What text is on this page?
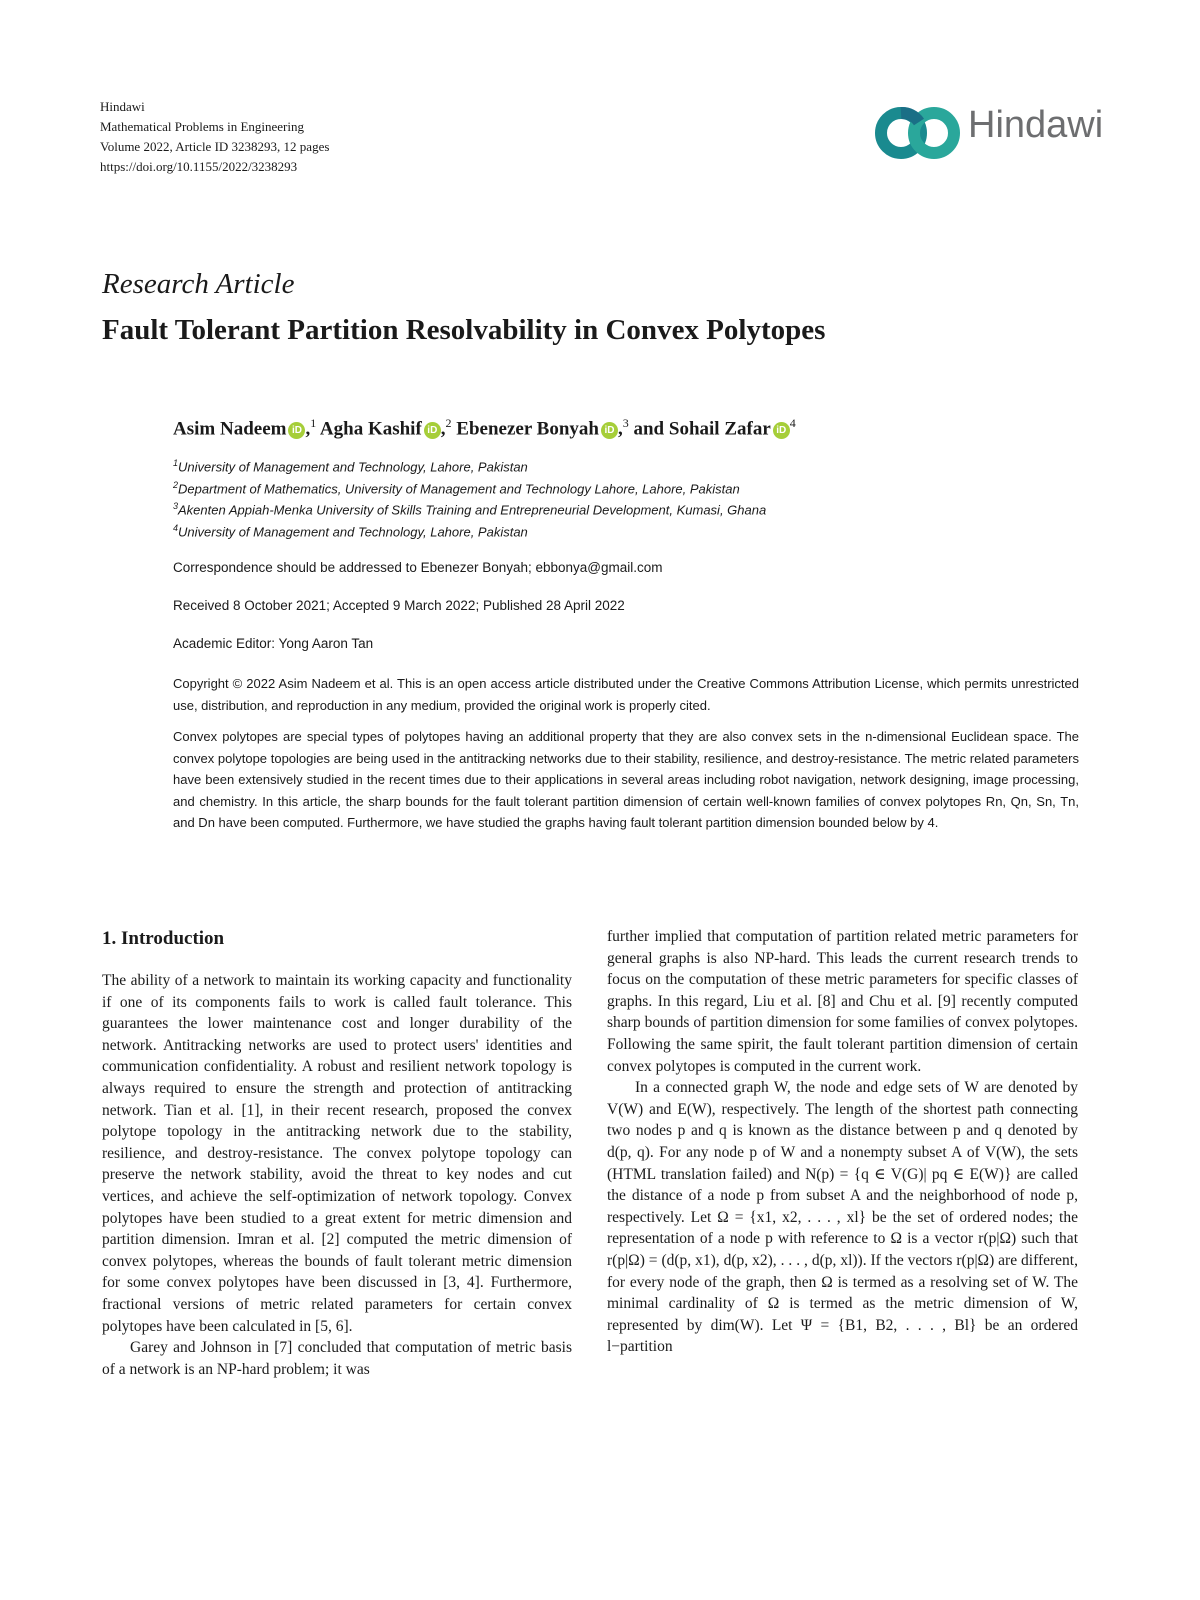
Hindawi
Mathematical Problems in Engineering
Volume 2022, Article ID 3238293, 12 pages
https://doi.org/10.1155/2022/3238293
Hindawi
Research Article
Fault Tolerant Partition Resolvability in Convex Polytopes
Asim Nadeem iD ,$^1$ Agha Kashif iD ,$^2$ Ebenezer Bonyah iD ,$^3$ and Sohail Zafar $iD^4$
$^1$University of Management and Technology, Lahore, Pakistan
$^2$Department of Mathematics, University of Management and Technology Lahore, Lahore, Pakistan
$^3$Akenten Appiah-Menka University of Skills Training and Entrepreneurial Development, Kumasi, Ghana
$^4$University of Management and Technology, Lahore, Pakistan
Correspondence should be addressed to Ebenezer Bonyah; ebbonya@gmail.com
Received 8 October 2021; Accepted 9 March 2022; Published 28 April 2022
Academic Editor: Yong Aaron Tan

Copyright © 2022 Asim Nadeem et al. This is an open access article distributed under the Creative Commons Attribution License, which permits unrestricted use, distribution, and reproduction in any medium, provided the original work is properly cited.

Convex polytopes are special types of polytopes having an additional property that they are also convex sets in the n-dimensional Euclidean space. The convex polytope topologies are being used in the antitracking networks due to their stability, resilience, and destroy-resistance. The metric related parameters have been extensively studied in the recent times due to their applications in several areas including robot navigation, network designing, image processing, and chemistry. In this article, the sharp bounds for the fault tolerant partition dimension of certain well-known families of convex polytopes Rn, Qn, Sn, Tn, and Dn have been computed. Furthermore, we have studied the graphs having fault tolerant partition dimension bounded below by 4.

1. Introduction

The ability of a network to maintain its working capacity and functionality if one of its components fails to work is called fault tolerance. This guarantees the lower maintenance cost and longer durability of the network. Antitracking networks are used to protect users' identities and communication confidentiality. A robust and resilient network topology is always required to ensure the strength and protection of antitracking network. Tian et al. [1], in their recent research, proposed the convex polytope topology in the antitracking network due to the stability, resilience, and destroy-resistance. The convex polytope topology can preserve the network stability, avoid the threat to key nodes and cut vertices, and achieve the self-optimization of network topology. Convex polytopes have been studied to a great extent for metric dimension and partition dimension. Imran et al. [2] computed the metric dimension of convex polytopes, whereas the bounds of fault tolerant metric dimension for some convex polytopes have been discussed in [3, 4]. Furthermore, fractional versions of metric related parameters for certain convex polytopes have been calculated in [5, 6].

Garey and Johnson in [7] concluded that computation of metric basis of a network is an NP-hard problem; it was

further implied that computation of partition related metric parameters for general graphs is also NP-hard. This leads the current research trends to focus on the computation of these metric parameters for specific classes of graphs. In this regard, Liu et al. [8] and Chu et al. [9] recently computed sharp bounds of partition dimension for some families of convex polytopes. Following the same spirit, the fault tolerant partition dimension of certain convex polytopes is computed in the current work.

In a connected graph W, the node and edge sets of W are denoted by V(W) and E(W), respectively. The length of the shortest path connecting two nodes p and q is known as the distance between p and q denoted by d(p, q). For any node p of W and a nonempty subset A of V(W), the sets (HTML translation failed) and N(p) = {q ∈ V(G)| pq ∈ E(W)} are called the distance of a node p from subset A and the neighborhood of node p, respectively. Let Ω = {x1, x2, . . . , xl} be the set of ordered nodes; the representation of a node p with reference to Ω is a vector r(p|Ω) such that r(p|Ω) = (d(p, x1), d(p, x2), . . . , d(p, xl)). If the vectors r(p|Ω) are different, for every node of the graph, then Ω is termed as a resolving set of W. The minimal cardinality of Ω is termed as the metric dimension of W, represented by dim(W). Let Ψ = {B1, B2, . . . , Bl} be an ordered l−partition
